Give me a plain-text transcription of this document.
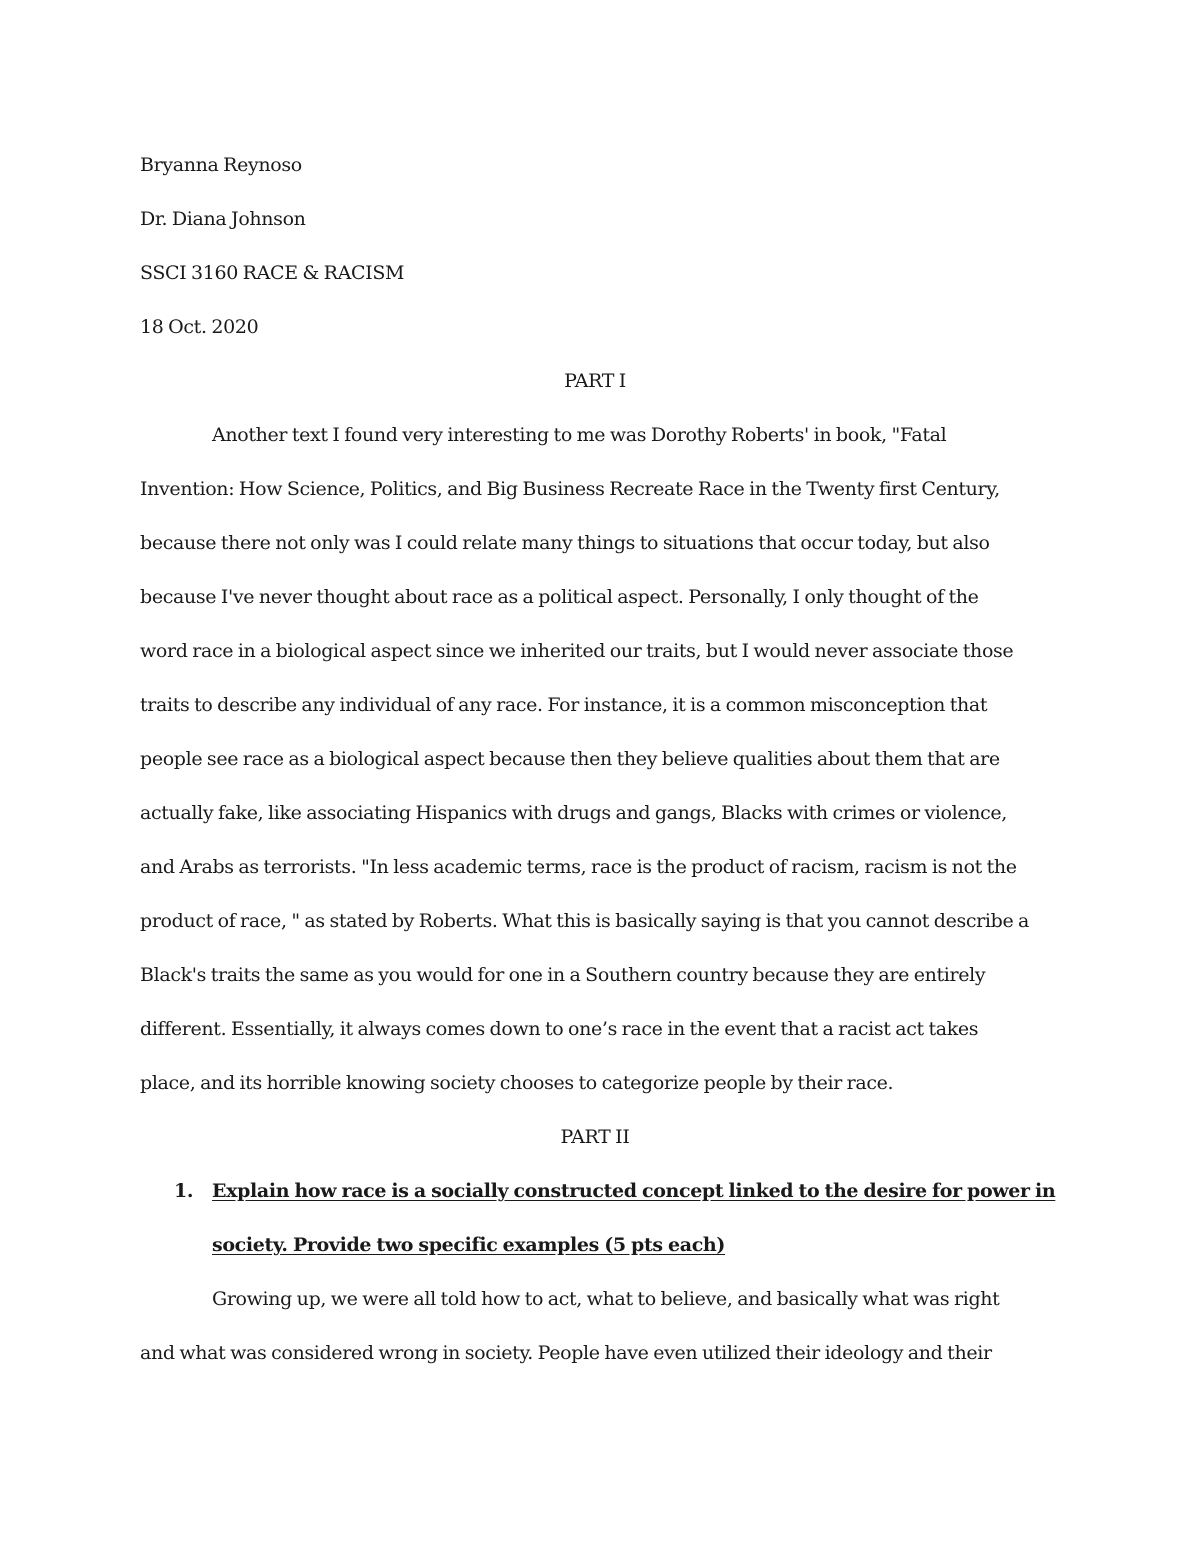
Bryanna Reynoso
Dr. Diana Johnson
SSCI 3160 RACE & RACISM
18 Oct. 2020
PART I
Another text I found very interesting to me was Dorothy Roberts' in book, "Fatal
Invention: How Science, Politics, and Big Business Recreate Race in the Twenty first Century,
because there not only was I could relate many things to situations that occur today, but also
because I've never thought about race as a political aspect. Personally, I only thought of the
word race in a biological aspect since we inherited our traits, but I would never associate those
traits to describe any individual of any race. For instance, it is a common misconception that
people see race as a biological aspect because then they believe qualities about them that are
actually fake, like associating Hispanics with drugs and gangs, Blacks with crimes or violence,
and Arabs as terrorists. "In less academic terms, race is the product of racism, racism is not the
product of race, " as stated by Roberts. What this is basically saying is that you cannot describe a
Black's traits the same as you would for one in a Southern country because they are entirely
different. Essentially, it always comes down to one’s race in the event that a racist act takes
place, and its horrible knowing society chooses to categorize people by their race.
PART II
1. Explain how race is a socially constructed concept linked to the desire for power in
society. Provide two specific examples (5 pts each)
Growing up, we were all told how to act, what to believe, and basically what was right
and what was considered wrong in society. People have even utilized their ideology and their
